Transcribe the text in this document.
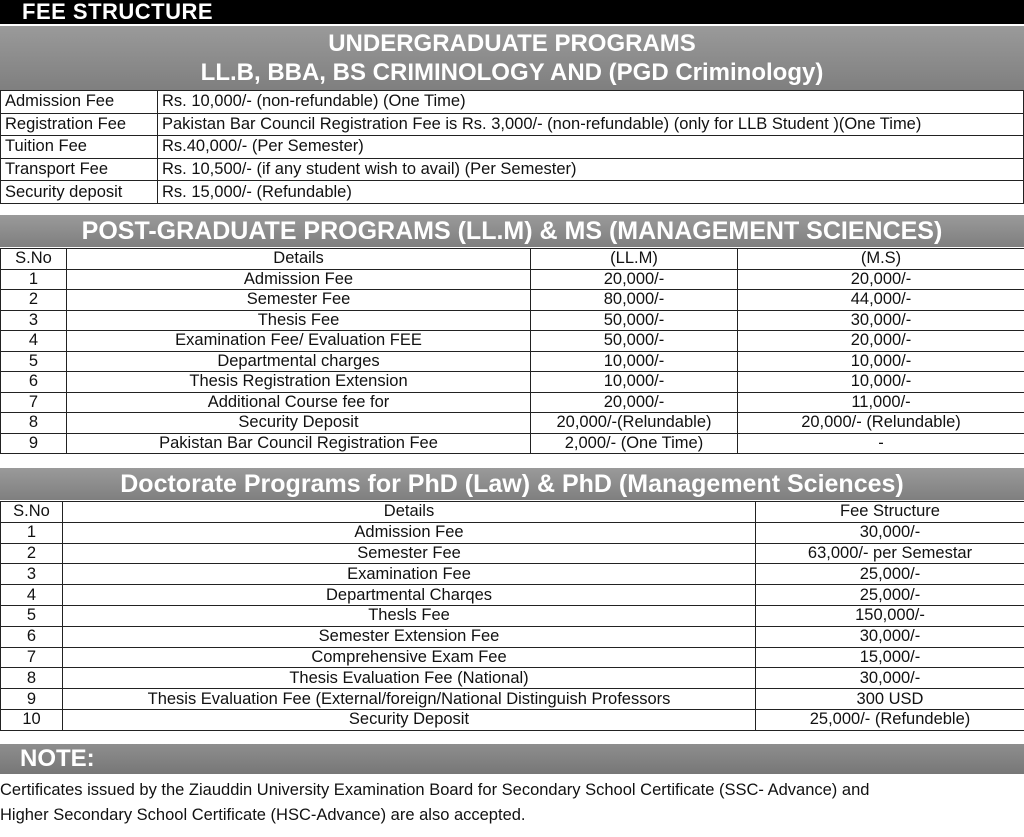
FEE STRUCTURE
UNDERGRADUATE PROGRAMS
LL.B, BBA, BS CRIMINOLOGY AND (PGD Criminology)
Admission Fee	Rs. 10,000/- (non-refundable) (One Time)
Registration Fee	Pakistan Bar Council Registration Fee is Rs. 3,000/- (non-refundable) (only for LLB Student )(One Time)
Tuition Fee	Rs.40,000/- (Per Semester)
Transport Fee	Rs. 10,500/- (if any student wish to avail) (Per Semester)
Security deposit	Rs. 15,000/- (Refundable)
POST-GRADUATE PROGRAMS (LL.M) & MS (MANAGEMENT SCIENCES)
S.No	Details	(LL.M)	(M.S)
1	Admission Fee	20,000/-	20,000/-
2	Semester Fee	80,000/-	44,000/-
3	Thesis Fee	50,000/-	30,000/-
4	Examination Fee/ Evaluation FEE	50,000/-	20,000/-
5	Departmental charges	10,000/-	10,000/-
6	Thesis Registration Extension	10,000/-	10,000/-
7	Additional Course fee for	20,000/-	11,000/-
8	Security Deposit	20,000/-(Relundable)	20,000/- (Relundable)
9	Pakistan Bar Council Registration Fee	2,000/- (One Time)	-
Doctorate Programs for PhD (Law) & PhD (Management Sciences)
S.No	Details	Fee Structure
1	Admission Fee	30,000/-
2	Semester Fee	63,000/- per Semestar
3	Examination Fee	25,000/-
4	Departmental Charqes	25,000/-
5	Thesls Fee	150,000/-
6	Semester Extension Fee	30,000/-
7	Comprehensive Exam Fee	15,000/-
8	Thesis Evaluation Fee (National)	30,000/-
9	Thesis Evaluation Fee (External/foreign/National Distinguish Professors	300 USD
10	Security Deposit	25,000/- (Refundeble)
NOTE:
Certificates issued by the Ziauddin University Examination Board for Secondary School Certificate (SSC- Advance) and
Higher Secondary School Certificate (HSC-Advance) are also accepted.
